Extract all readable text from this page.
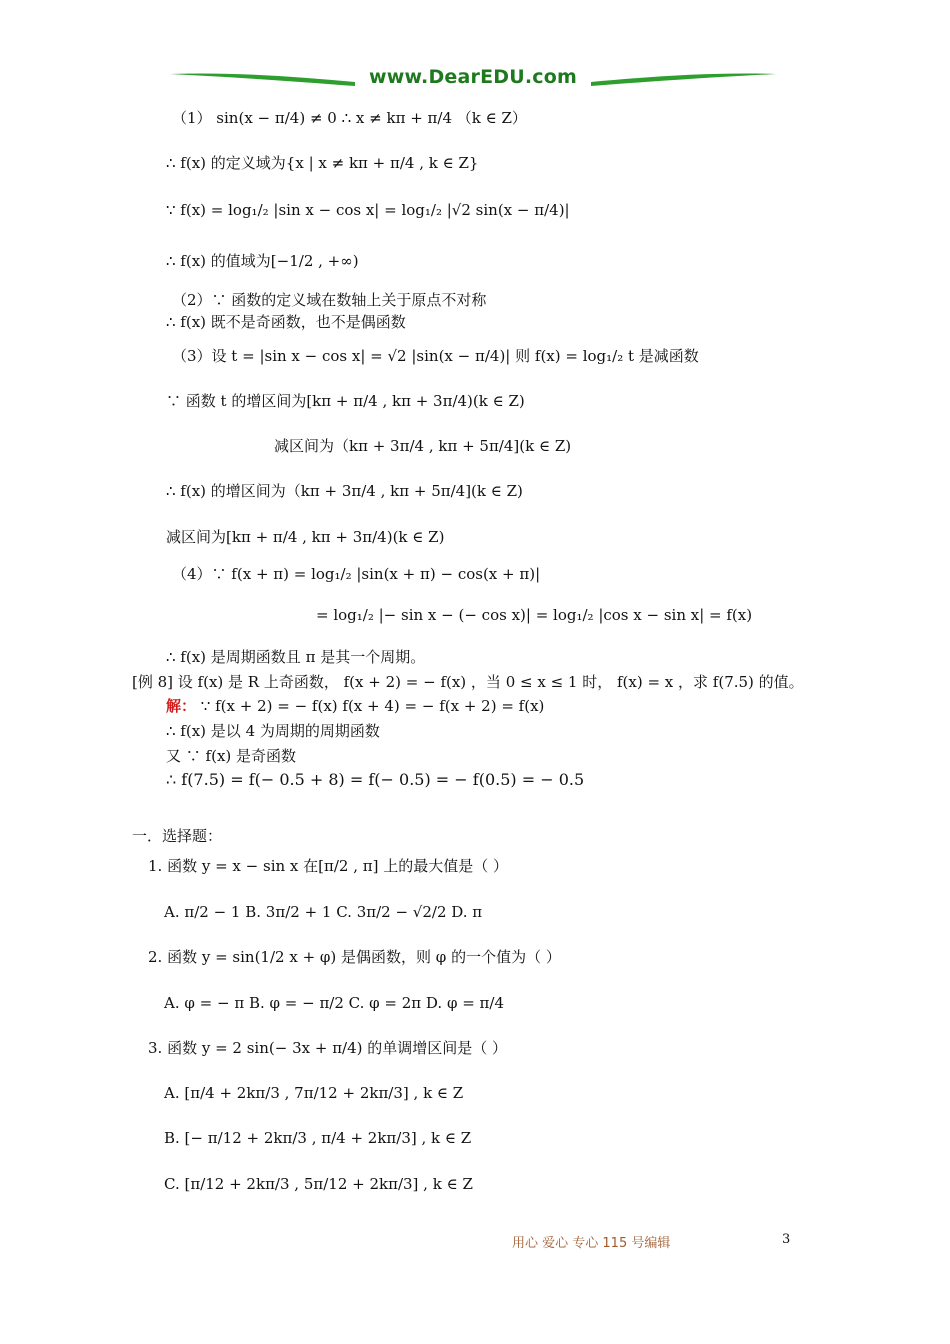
www.DearEDU.com
（1） sin(x − π/4) ≠ 0 ∴ x ≠ kπ + π/4 （k ∈ Z）
∴ f(x) 的定义域为{x | x ≠ kπ + π/4 , k ∈ Z}
∵ f(x) = log₁/₂ |sin x − cos x| = log₁/₂ |√2 sin(x − π/4)|
∴ f(x) 的值域为[−1/2 , +∞)
（2）∵ 函数的定义域在数轴上关于原点不对称
∴ f(x) 既不是奇函数，也不是偶函数
（3）设 t = |sin x − cos x| = √2 |sin(x − π/4)| 则 f(x) = log₁/₂ t 是减函数
∵ 函数 t 的增区间为[kπ + π/4 , kπ + 3π/4)(k ∈ Z)
减区间为（kπ + 3π/4 , kπ + 5π/4](k ∈ Z)
∴ f(x) 的增区间为（kπ + 3π/4 , kπ + 5π/4](k ∈ Z)
减区间为[kπ + π/4 , kπ + 3π/4)(k ∈ Z)
（4）∵ f(x + π) = log₁/₂ |sin(x + π) − cos(x + π)|
= log₁/₂ |− sin x − (− cos x)| = log₁/₂ |cos x − sin x| = f(x)
∴ f(x) 是周期函数且 π 是其一个周期。
[例 8] 设 f(x) 是 R 上奇函数， f(x + 2) = − f(x) ，当 0 ≤ x ≤ 1 时， f(x) = x ，求 f(7.5) 的值。
解： ∵ f(x + 2) = − f(x) f(x + 4) = − f(x + 2) = f(x)
∴ f(x) 是以 4 为周期的周期函数
又 ∵ f(x) 是奇函数
∴ f(7.5) = f(− 0.5 + 8) = f(− 0.5) = − f(0.5) = − 0.5
一．选择题：
1. 函数 y = x − sin x 在[π/2 , π] 上的最大值是（ ）
A. π/2 − 1 B. 3π/2 + 1 C. 3π/2 − √2/2 D. π
2. 函数 y = sin(1/2 x + φ) 是偶函数，则 φ 的一个值为（ ）
A. φ = − π B. φ = − π/2 C. φ = 2π D. φ = π/4
3. 函数 y = 2 sin(− 3x + π/4) 的单调增区间是（ ）
A. [π/4 + 2kπ/3 , 7π/12 + 2kπ/3] , k ∈ Z
B. [− π/12 + 2kπ/3 , π/4 + 2kπ/3] , k ∈ Z
C. [π/12 + 2kπ/3 , 5π/12 + 2kπ/3] , k ∈ Z
用心 爱心 专心 115 号编辑	3
